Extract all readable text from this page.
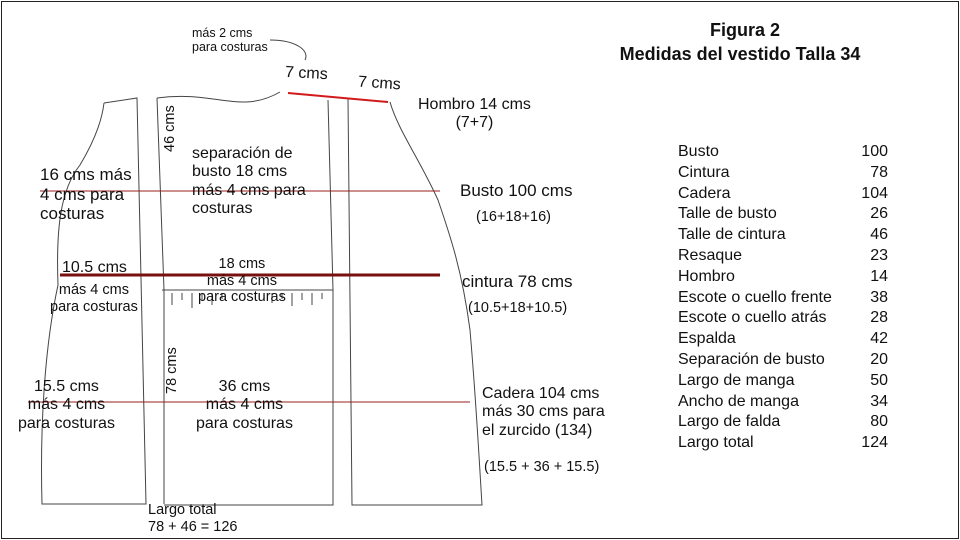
Figura 2
Medidas del vestido Talla 34
más 2 cms
para costuras
7 cms
7 cms
Hombro 14 cms
(7+7)
16 cms más
4 cms para
costuras
46 cms
separación de
busto 18 cms
más 4 cms para
costuras
Busto 100 cms
(16+18+16)
10.5 cms
más 4 cms
para costuras
18 cms
más 4 cms
para costuras
cintura 78 cms
(10.5+18+10.5)
15.5 cms
más 4 cms
para costuras
78 cms	36 cms
más 4 cms
para costuras
Cadera 104 cms
más 30 cms para
el zurcido (134)
(15.5 + 36 + 15.5)
Largo total
78 + 46 = 126
Busto	100
Cintura	78
Cadera	104
Talle de busto	26
Talle de cintura	46
Resaque	23
Hombro	14
Escote o cuello frente 38
Escote o cuello atrás	28
Espalda	42
Separación de busto	20
Largo de manga	50
Ancho de manga	34
Largo de falda	80
Largo total	124
